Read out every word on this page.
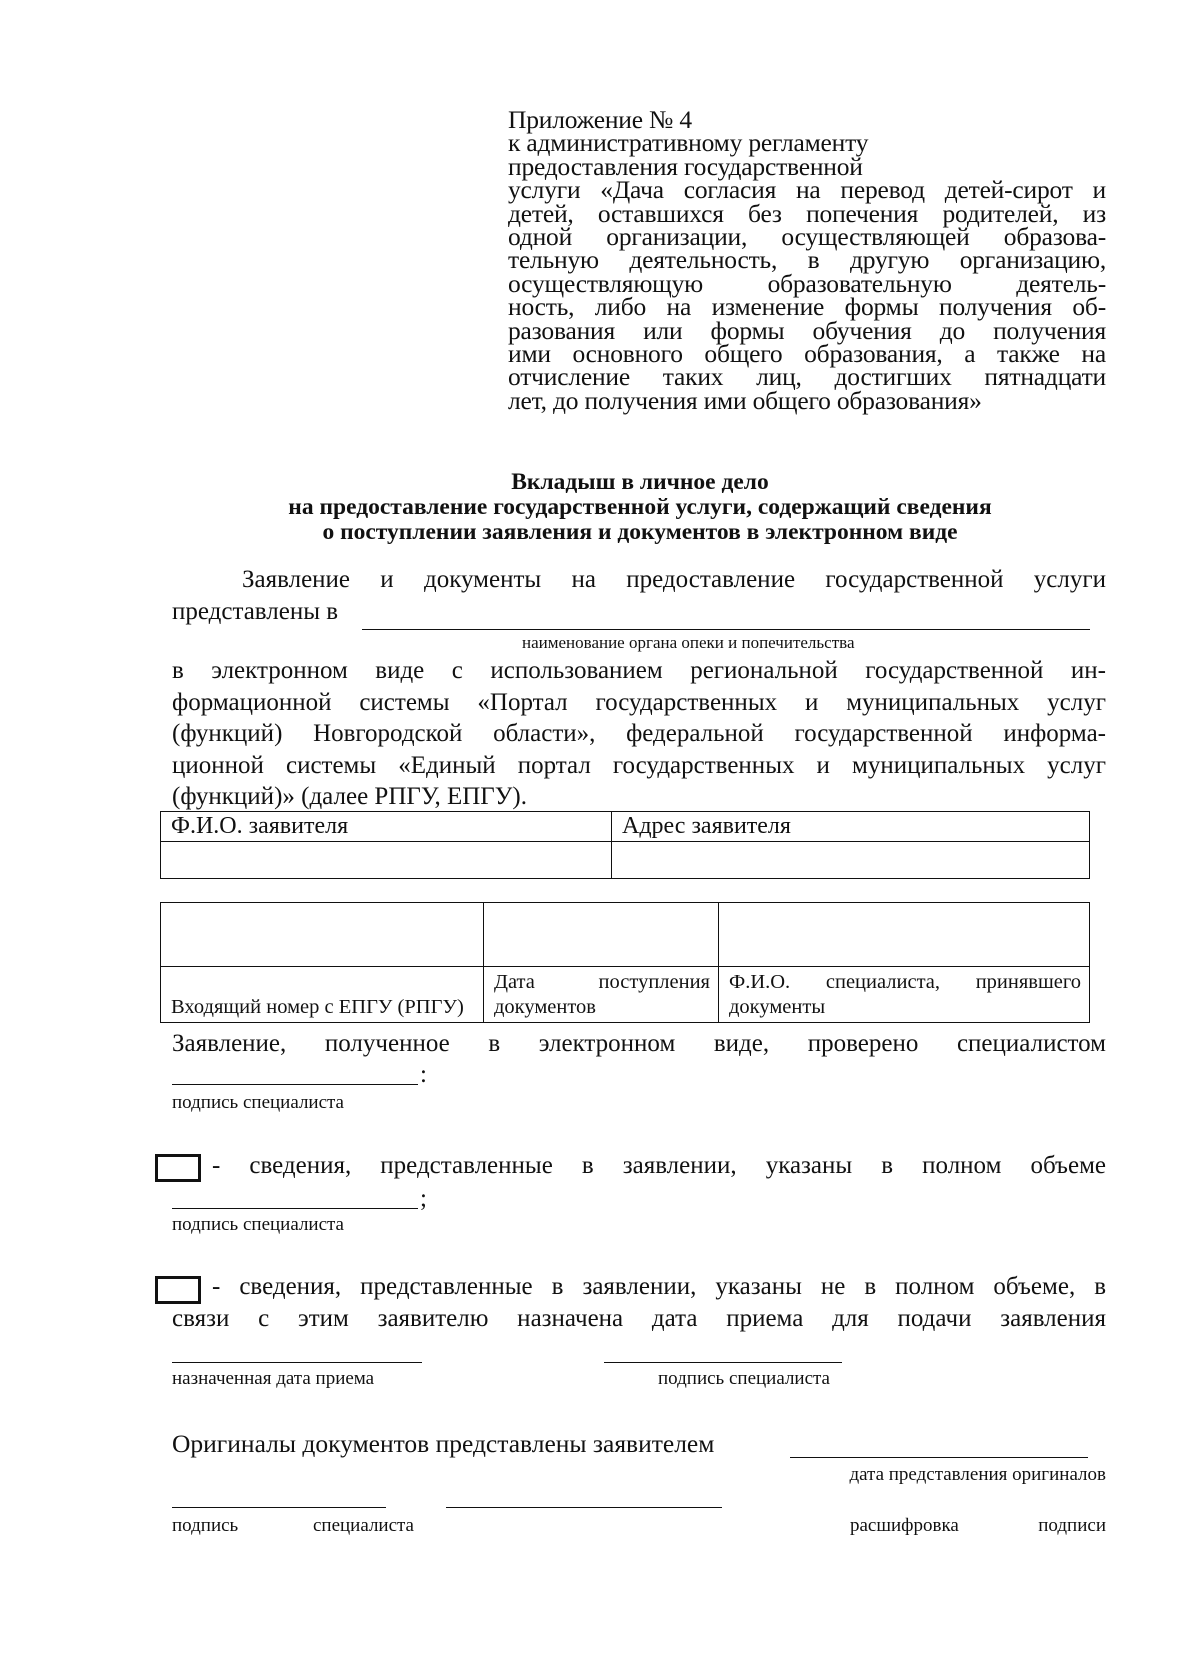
Приложение № 4
к административному регламенту
предоставления государственной
услуги «Дача согласия на перевод детей-сирот и
детей, оставшихся без попечения родителей, из
одной организации, осуществляющей образова-
тельную деятельность, в другую организацию,
осуществляющую образовательную деятель-
ность, либо на изменение формы получения об-
разования или формы обучения до получения
ими основного общего образования, а также на
отчисление таких лиц, достигших пятнадцати
лет, до получения ими общего образования»
Вкладыш в личное дело
на предоставление государственной услуги, содержащий сведения
о поступлении заявления и документов в электронном виде
Заявление и документы на предоставление государственной услуги
представлены в
наименование органа опеки и попечительства
в электронном виде с использованием региональной государственной ин-
формационной системы «Портал государственных и муниципальных услуг
(функций) Новгородской области», федеральной государственной информа-
ционной системы «Единый портал государственных и муниципальных услуг
(функций)» (далее РПГУ, ЕПГУ).
Ф.И.О. заявителя	Адрес заявителя

Входящий номер с ЕПГУ (РПГУ)	Дата поступления документов	Ф.И.О. специалиста, принявшего документы
Заявление, полученное в электронном виде, проверено специалистом
:
подпись специалиста
- сведения, представленные в заявлении, указаны в полном объеме
;
подпись специалиста
- сведения, представленные в заявлении, указаны не в полном объеме, в
связи с этим заявителю назначена дата приема для подачи заявления
назначенная дата приема	подпись специалиста
Оригиналы документов представлены заявителем
дата представления оригиналов
подпись специалиста	расшифровка подписи
